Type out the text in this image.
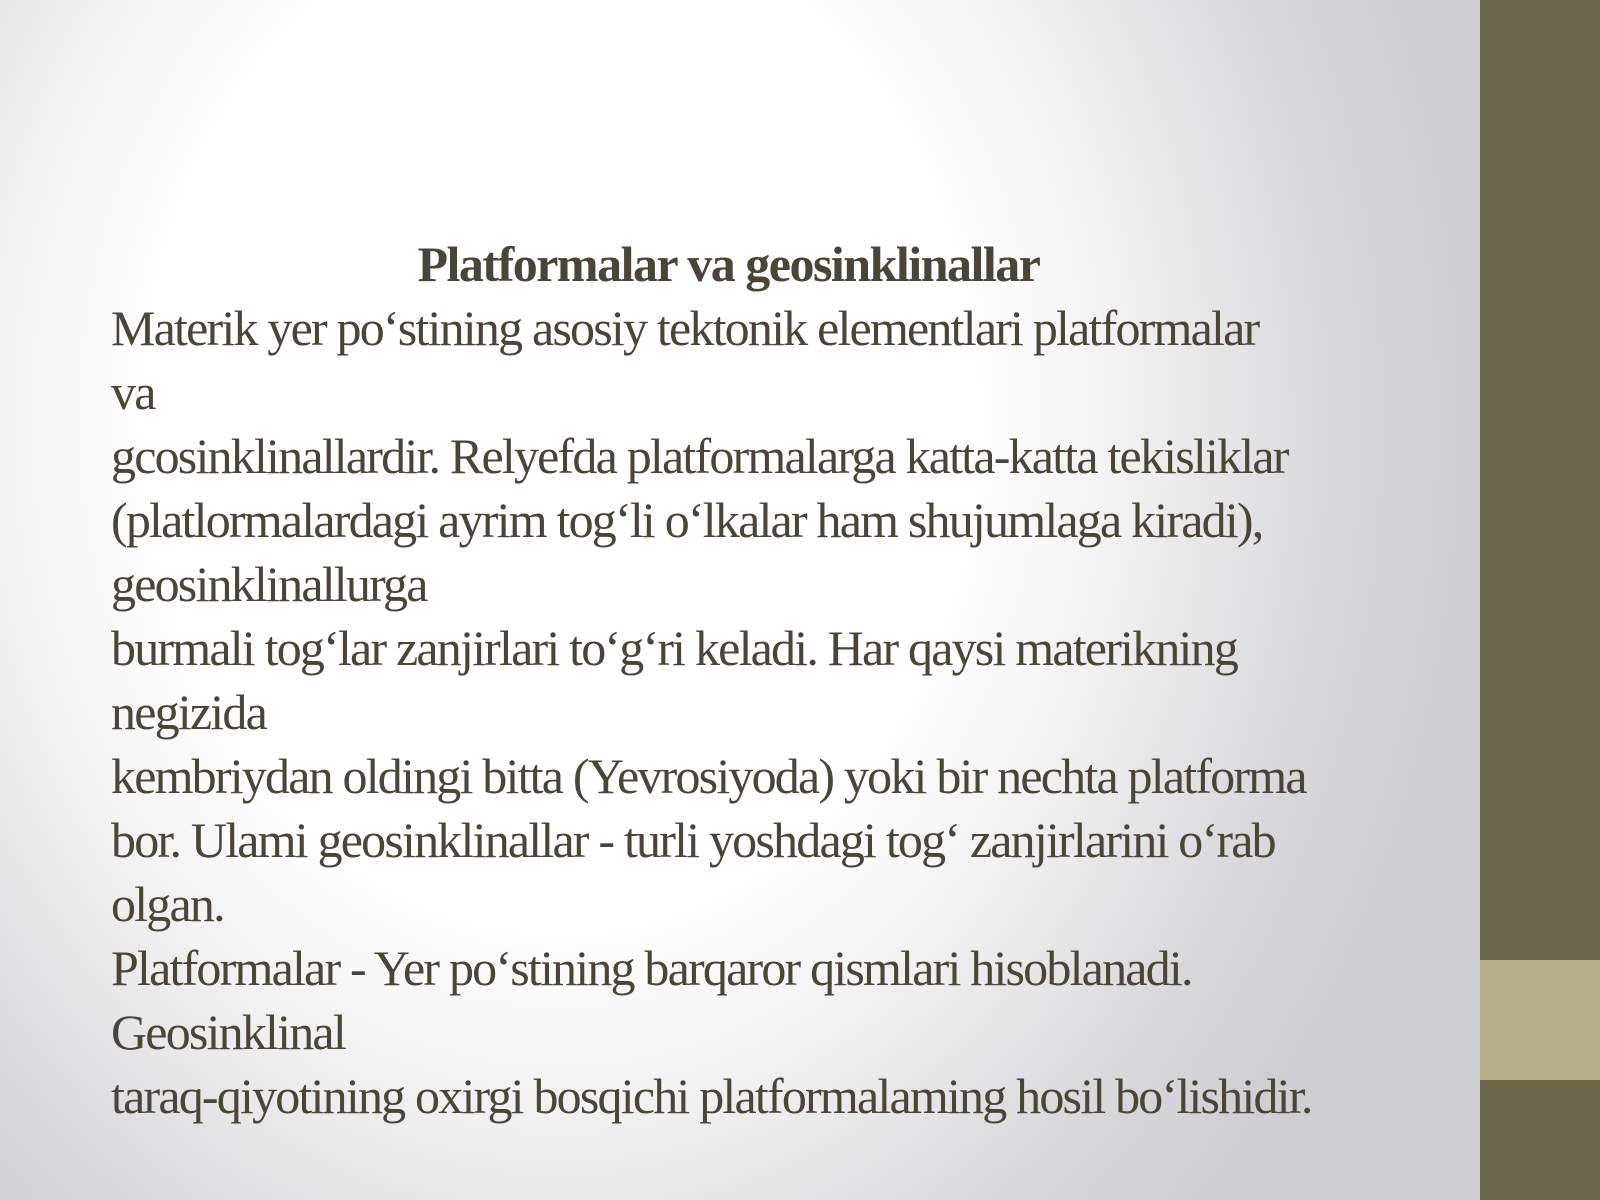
Platformalar va geosinklinallar
Materik yer po‘stining asosiy tektonik elementlari platformalar
va
gcosinklinallardir. Relyefda platformalarga katta-katta tekisliklar
(platlormalardagi ayrim tog‘li o‘lkalar ham shujumlaga kiradi),
geosinklinallurga
burmali tog‘lar zanjirlari to‘g‘ri keladi. Har qaysi materikning
negizida
kembriydan oldingi bitta (Yevrosiyoda) yoki bir nechta platforma
bor. Ulami geosinklinallar - turli yoshdagi tog‘ zanjirlarini o‘rab
olgan.
Platformalar - Yer po‘stining barqaror qismlari hisoblanadi.
Geosinklinal
taraq-qiyotining oxirgi bosqichi platformalaming hosil bo‘lishidir.
